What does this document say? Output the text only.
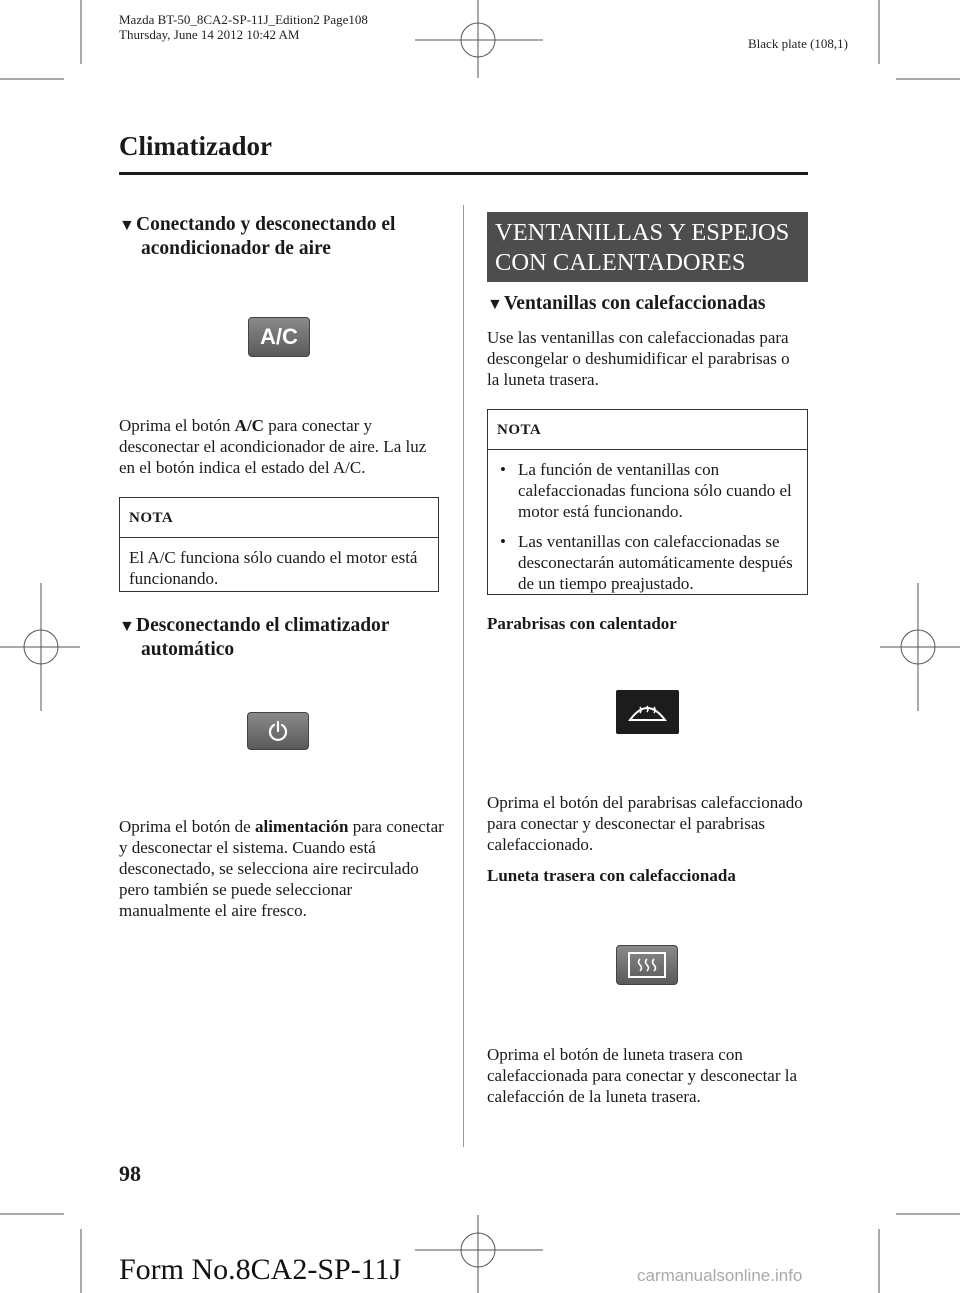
Mazda BT-50_8CA2-SP-11J_Edition2 Page108
Thursday, June 14 2012 10:42 AM
Black plate (108,1)
Climatizador
▼Conectando y desconectando el
acondicionador de aire
A/C
Oprima el botón A/C para conectar y desconectar el acondicionador de aire. La luz en el botón indica el estado del A/C.
NOTA
El A/C funciona sólo cuando el motor está funcionando.
▼Desconectando el climatizador
automático
Oprima el botón de alimentación para conectar y desconectar el sistema. Cuando está desconectado, se selecciona aire recirculado pero también se puede seleccionar manualmente el aire fresco.
VENTANILLAS Y ESPEJOS
CON CALENTADORES
▼Ventanillas con calefaccionadas
Use las ventanillas con calefaccionadas para descongelar o deshumidificar el parabrisas o la luneta trasera.
NOTA
• La función de ventanillas con calefaccionadas funciona sólo cuando el motor está funcionando.
• Las ventanillas con calefaccionadas se desconectarán automáticamente después de un tiempo preajustado.
Parabrisas con calentador
Oprima el botón del parabrisas calefaccionado para conectar y desconectar el parabrisas calefaccionado.
Luneta trasera con calefaccionada
Oprima el botón de luneta trasera con calefaccionada para conectar y desconectar la calefacción de la luneta trasera.
98
Form No.8CA2-SP-11J	carmanualsonline.info
